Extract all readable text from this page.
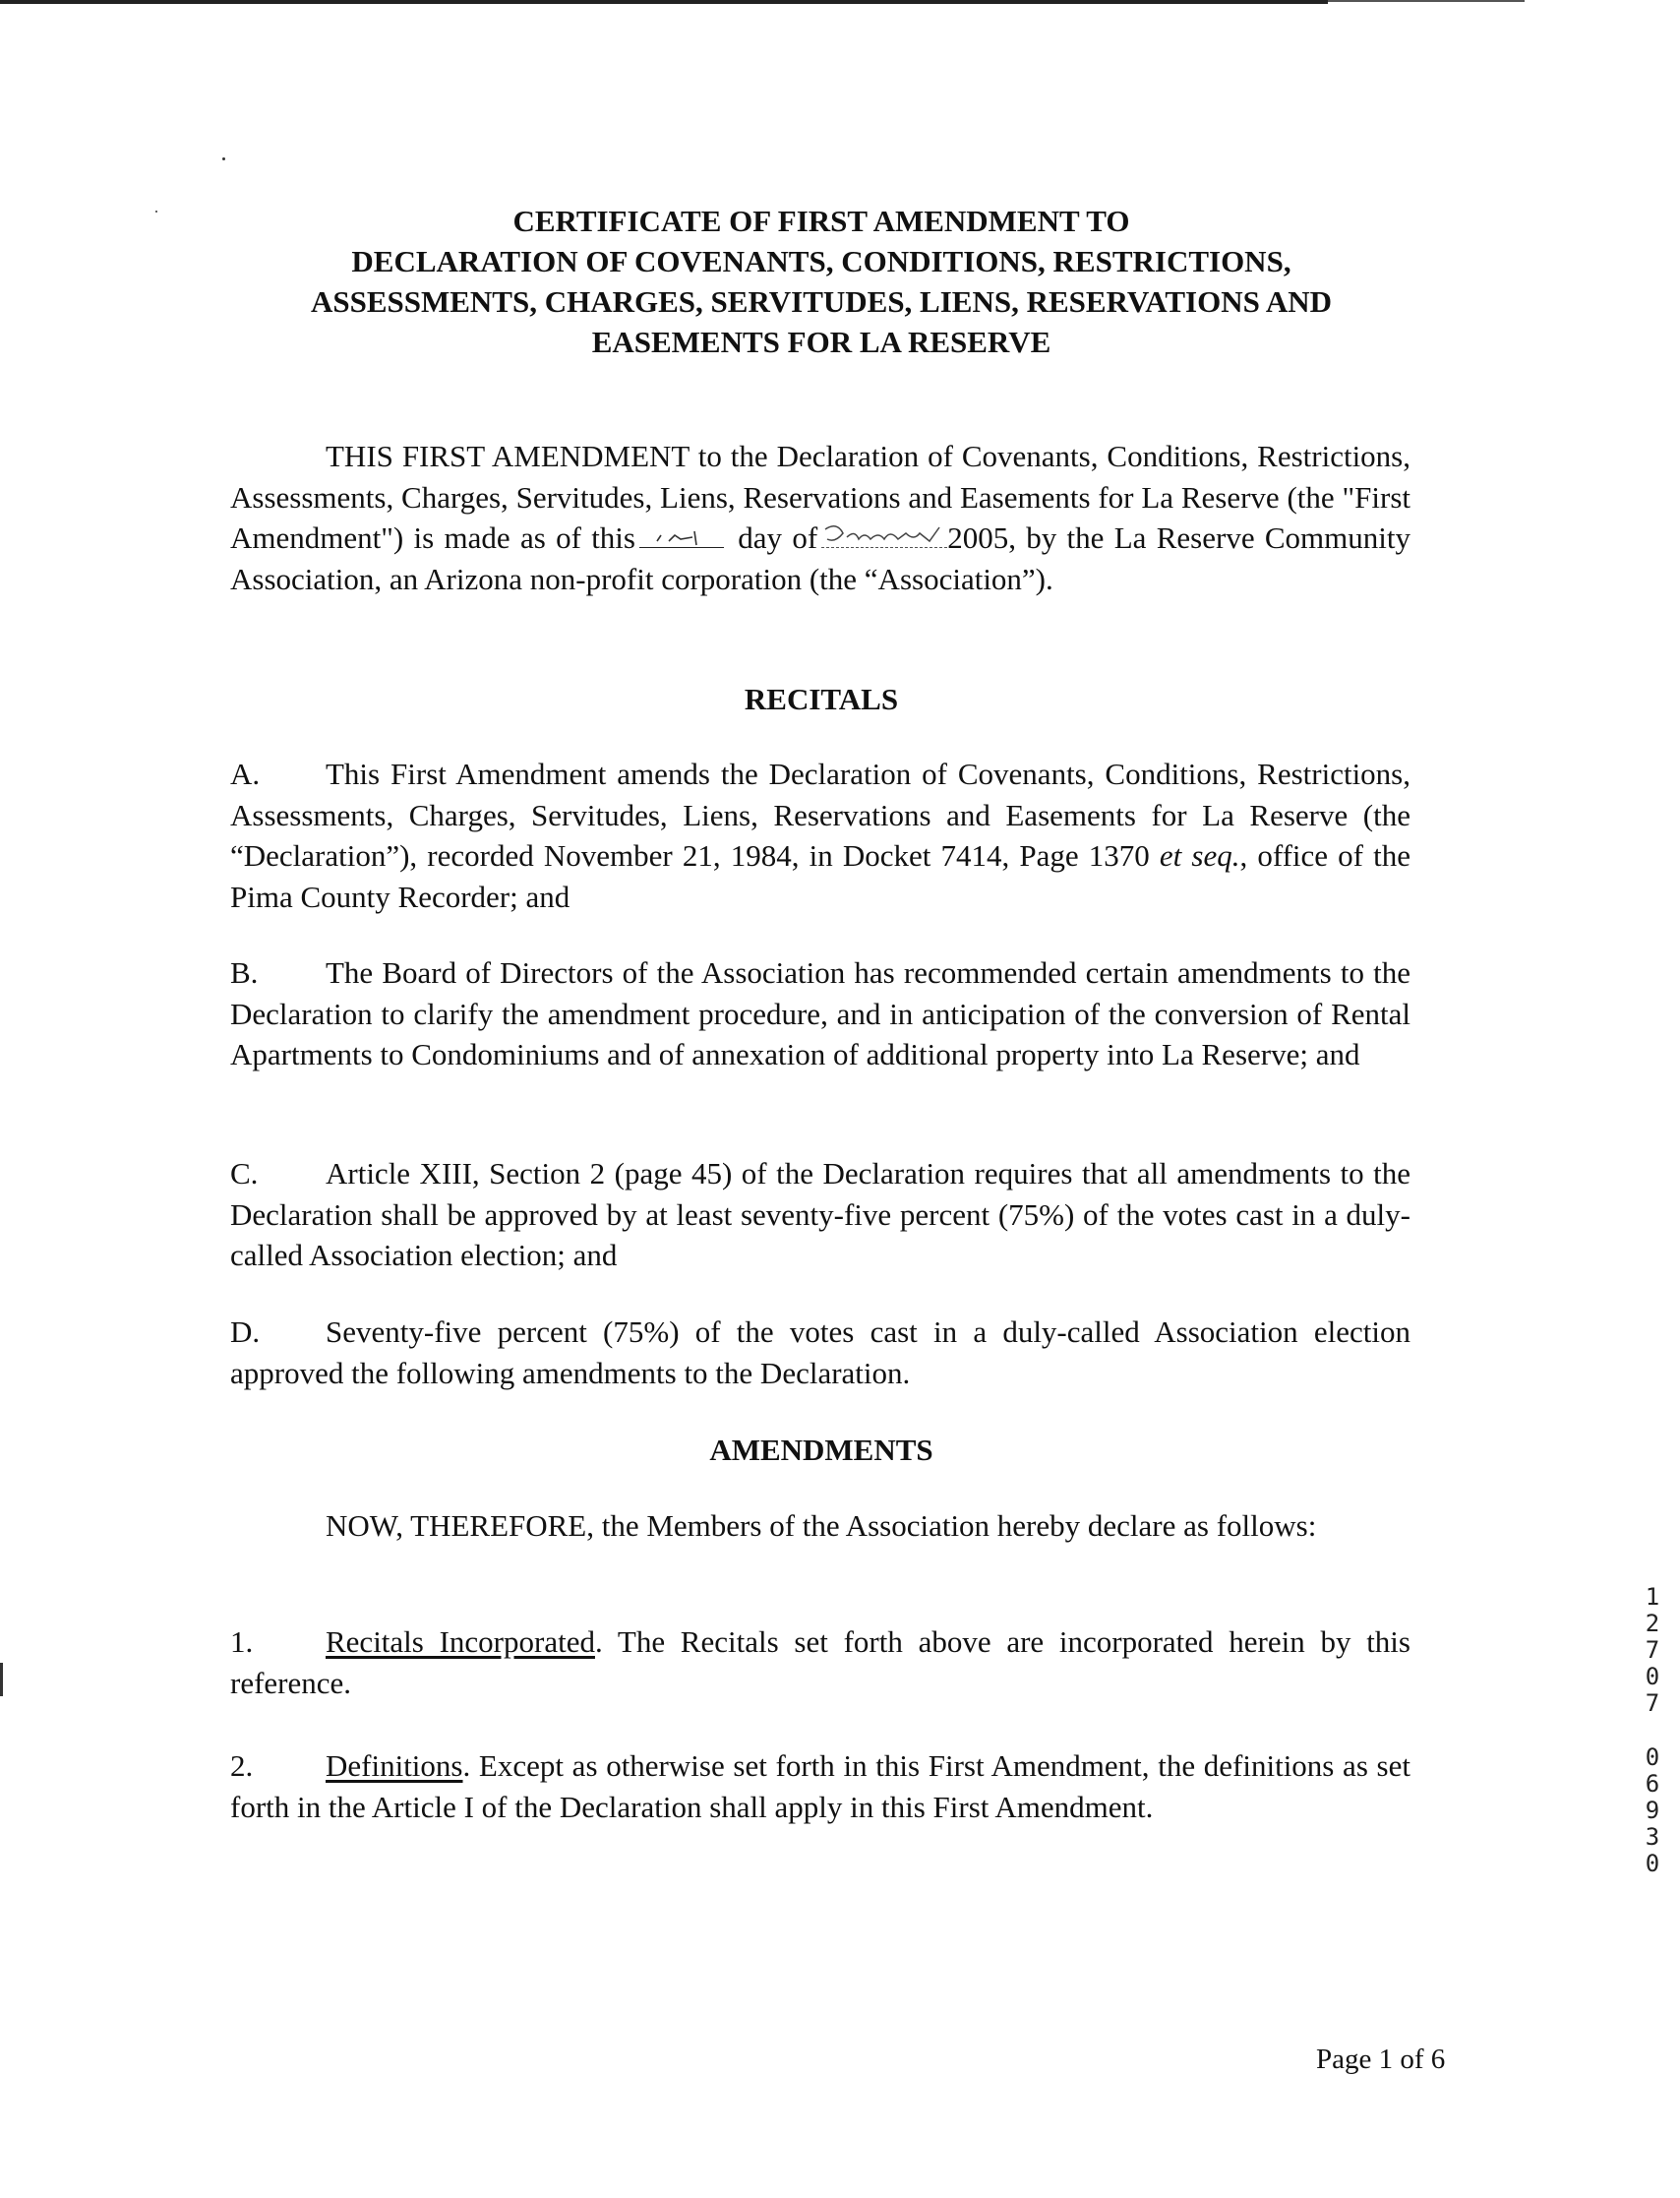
CERTIFICATE OF FIRST AMENDMENT TO
DECLARATION OF COVENANTS, CONDITIONS, RESTRICTIONS,
ASSESSMENTS, CHARGES, SERVITUDES, LIENS, RESERVATIONS AND
EASEMENTS FOR LA RESERVE
THIS FIRST AMENDMENT to the Declaration of Covenants, Conditions, Restrictions, Assessments, Charges, Servitudes, Liens, Reservations and Easements for La Reserve (the "First Amendment") is made as of this	day of	2005, by the La Reserve Community Association, an Arizona non-profit corporation (the “Association”).
RECITALS
A. This First Amendment amends the Declaration of Covenants, Conditions, Restrictions, Assessments, Charges, Servitudes, Liens, Reservations and Easements for La Reserve (the “Declaration”), recorded November 21, 1984, in Docket 7414, Page 1370 et seq., office of the Pima County Recorder; and
B. The Board of Directors of the Association has recommended certain amendments to the Declaration to clarify the amendment procedure, and in anticipation of the conversion of Rental Apartments to Condominiums and of annexation of additional property into La Reserve; and
C. Article XIII, Section 2 (page 45) of the Declaration requires that all amendments to the Declaration shall be approved by at least seventy-five percent (75%) of the votes cast in a duly-called Association election; and
D. Seventy-five percent (75%) of the votes cast in a duly-called Association election approved the following amendments to the Declaration.
AMENDMENTS
NOW, THEREFORE, the Members of the Association hereby declare as follows:
1. Recitals Incorporated. The Recitals set forth above are incorporated herein by this reference.
2. Definitions. Except as otherwise set forth in this First Amendment, the definitions as set forth in the Article I of the Declaration shall apply in this First Amendment.
1
2
7
0
7
0
6
9
3
0
Page 1 of 6
